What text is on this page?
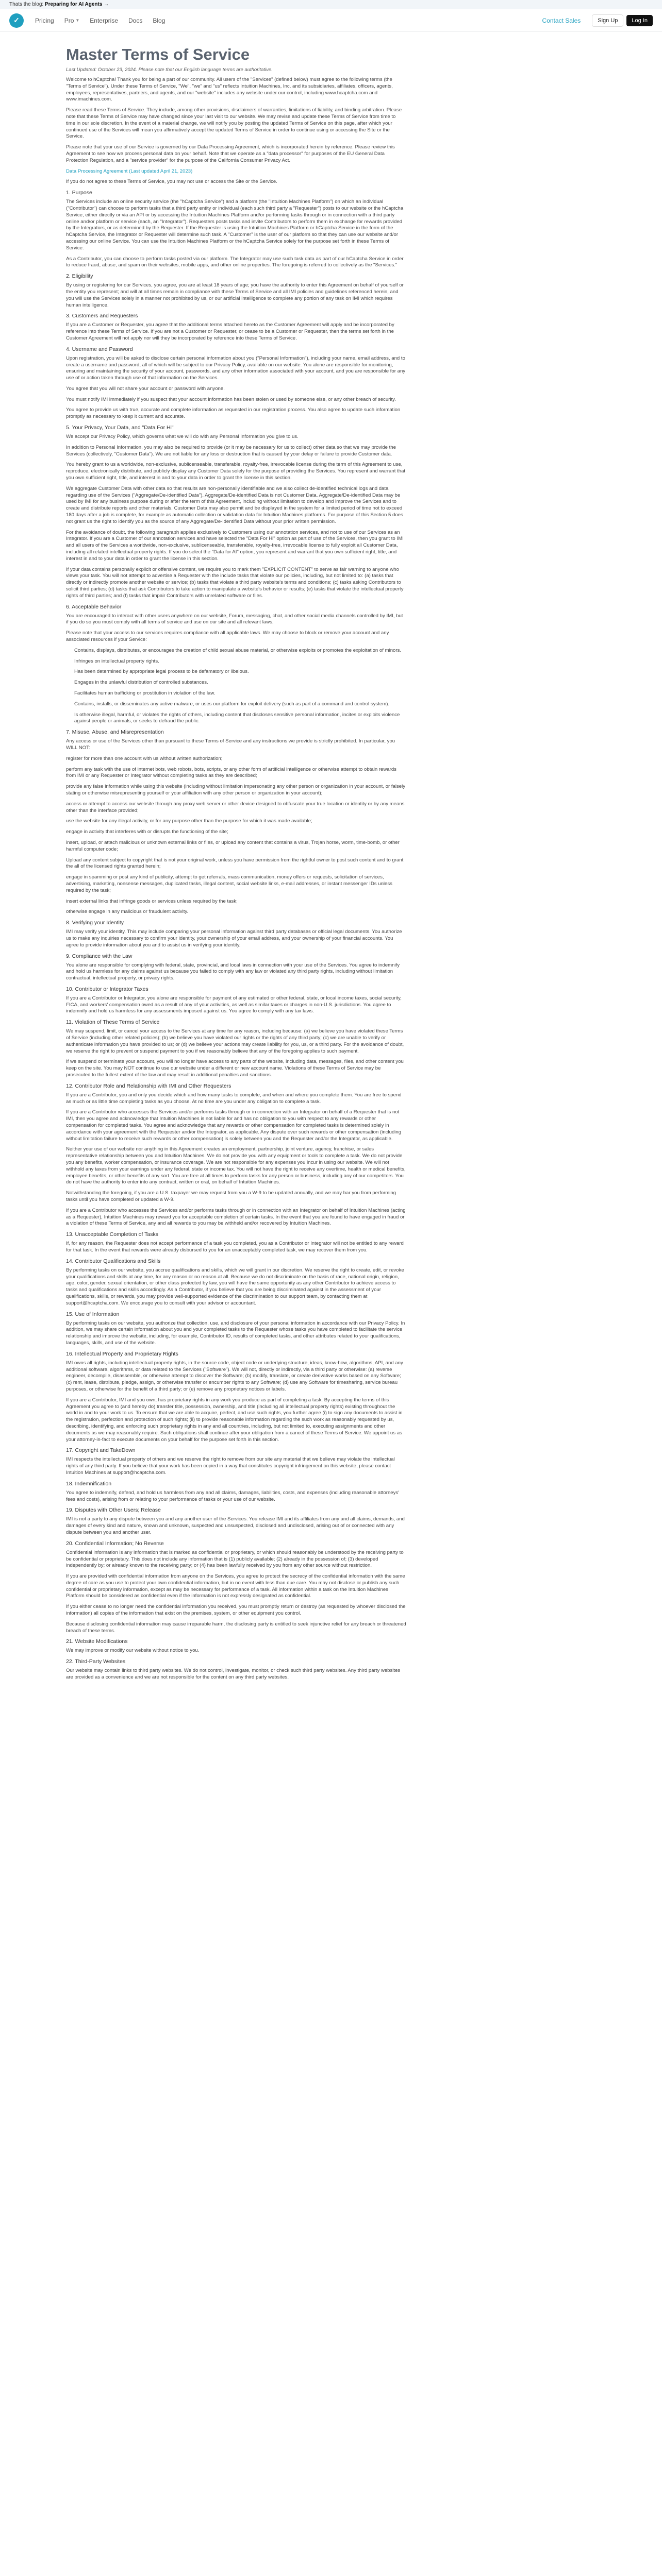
Thats the blog: Preparing for AI Agents →
✓	Pricing Pro ▼ Enterprise Docs Blog	Contact Sales	Sign Up	Log In
Master Terms of Service
Last Updated: October 23, 2024. Please note that our English language terms are authoritative.

Welcome to hCaptcha! Thank you for being a part of our community. All users of the "Services" (defined below) must agree to the following terms (the "Terms of Service"). Under these Terms of Service, "We", "we" and "us" reflects Intuition Machines, Inc. and its subsidiaries, affiliates, officers, agents, employees, representatives, partners, and agents, and our "website" includes any website under our control, including www.hcaptcha.com and www.imachines.com.

Please read these Terms of Service. They include, among other provisions, disclaimers of warranties, limitations of liability, and binding arbitration. Please note that these Terms of Service may have changed since your last visit to our website. We may revise and update these Terms of Service from time to time in our sole discretion. In the event of a material change, we will notify you by posting the updated Terms of Service on this page, after which your continued use of the Services will mean you affirmatively accept the updated Terms of Service in order to continue using or accessing the Site or the Service.

Please note that your use of our Service is governed by our Data Processing Agreement, which is incorporated herein by reference. Please review this Agreement to see how we process personal data on your behalf. Note that we operate as a "data processor" for purposes of the EU General Data Protection Regulation, and a "service provider" for the purpose of the California Consumer Privacy Act.

Data Processing Agreement (Last updated April 21, 2023)

If you do not agree to these Terms of Service, you may not use or access the Site or the Service.

1. Purpose

The Services include an online security service (the "hCaptcha Service") and a platform (the "Intuition Machines Platform") on which an individual ("Contributor") can choose to perform tasks that a third party entity or individual (each such third party a "Requester") posts to our website or the hCaptcha Service, either directly or via an API or by accessing the Intuition Machines Platform and/or performing tasks through or in connection with a third party online and/or platform or service (each, an "Integrator"). Requesters posts tasks and invite Contributors to perform them in exchange for rewards provided by the Integrators, or as determined by the Requester. If the Requester is using the Intuition Machines Platform or hCaptcha Service in the form of the hCaptcha Service, the Integrator or Requester will determine such task. A "Customer" is the user of our platform so that they can use our website and/or accessing our online Service. You can use the Intuition Machines Platform or the hCaptcha Service solely for the purpose set forth in these Terms of Service.

As a Contributor, you can choose to perform tasks posted via our platform. The Integrator may use such task data as part of our hCaptcha Service in order to reduce fraud, abuse, and spam on their websites, mobile apps, and other online properties. The foregoing is referred to collectively as the "Services."

2. Eligibility

By using or registering for our Services, you agree, you are at least 18 years of age; you have the authority to enter this Agreement on behalf of yourself or the entity you represent; and will at all times remain in compliance with these Terms of Service and all IMI policies and guidelines referenced herein, and you will use the Services solely in a manner not prohibited by us, or our artificial intelligence to complete any portion of any task on IMI which requires human intelligence.

3. Customers and Requesters

If you are a Customer or Requester, you agree that the additional terms attached hereto as the Customer Agreement will apply and be incorporated by reference into these Terms of Service. If you are not a Customer or Requester, or cease to be a Customer or Requester, then the terms set forth in the Customer Agreement will not apply nor will they be incorporated by reference into these Terms of Service.

4. Username and Password

Upon registration, you will be asked to disclose certain personal information about you ("Personal Information"), including your name, email address, and to create a username and password, all of which will be subject to our Privacy Policy, available on our website. You alone are responsible for monitoring, ensuring and maintaining the security of your account, passwords, and any other information associated with your account, and you are responsible for any use of or action taken through use of that information on the Services.

You agree that you will not share your account or password with anyone.

You must notify IMI immediately if you suspect that your account information has been stolen or used by someone else, or any other breach of security.

You agree to provide us with true, accurate and complete information as requested in our registration process. You also agree to update such information promptly as necessary to keep it current and accurate.

5. Your Privacy, Your Data, and "Data For Hi"

We accept our Privacy Policy, which governs what we will do with any Personal Information you give to us.

In addition to Personal Information, you may also be required to provide (or it may be necessary for us to collect) other data so that we may provide the Services (collectively, "Customer Data"). We are not liable for any loss or destruction that is caused by your delay or failure to provide Customer data.

You hereby grant to us a worldwide, non-exclusive, sublicenseable, transferable, royalty-free, irrevocable license during the term of this Agreement to use, reproduce, electronically distribute, and publicly display any Customer Data solely for the purpose of providing the Services. You represent and warrant that you own sufficient right, title, and interest in and to your data in order to grant the license in this section.

We aggregate Customer Data with other data so that results are non-personally identifiable and we also collect de-identified technical logs and data regarding use of the Services ("Aggregate/De-identified Data"). Aggregate/De-identified Data is not Customer Data. Aggregate/De-identified Data may be used by IMI for any business purpose during or after the term of this Agreement, including without limitation to develop and improve the Services and to create and distribute reports and other materials. Customer Data may also permit and be displayed in the system for a limited period of time not to exceed 180 days after a job is complete, for example as automatic collection or validation data for Intuition Machines platforms. For purpose of this Section 5 does not grant us the right to identify you as the source of any Aggregate/De-identified Data without your prior written permission.

For the avoidance of doubt, the following paragraph applies exclusively to Customers using our annotation services, and not to use of our Services as an Integrator. If you are a Customer of our annotation services and have selected the "Data For Hi" option as part of use of the Services, then you grant to IMI and all users of the Services a worldwide, non-exclusive, sublicenseable, transferable, royalty-free, irrevocable license to fully exploit all Customer Data, including all related intellectual property rights. If you do select the "Data for AI" option, you represent and warrant that you own sufficient right, title, and interest in and to your data in order to grant the license in this section.

If your data contains personally explicit or offensive content, we require you to mark them "EXPLICIT CONTENT" to serve as fair warning to anyone who views your task. You will not attempt to advertise a Requester with the include tasks that violate our policies, including, but not limited to: (a) tasks that directly or indirectly promote another website or service; (b) tasks that violate a third party website's terms and conditions; (c) tasks asking Contributors to solicit third parties; (d) tasks that ask Contributors to take action to manipulate a website's behavior or results; (e) tasks that violate the intellectual property rights of third parties; and (f) tasks that impair Contributors with unrelated software or files.

6. Acceptable Behavior

You are encouraged to interact with other users anywhere on our website, Forum, messaging, chat, and other social media channels controlled by IMI, but if you do so you must comply with all terms of service and use on our site and all relevant laws.

Please note that your access to our services requires compliance with all applicable laws. We may choose to block or remove your account and any associated resources if your Service:

Contains, displays, distributes, or encourages the creation of child sexual abuse material, or otherwise exploits or promotes the exploitation of minors.
Infringes on intellectual property rights.
Has been determined by appropriate legal process to be defamatory or libelous.
Engages in the unlawful distribution of controlled substances.
Facilitates human trafficking or prostitution in violation of the law.
Contains, installs, or disseminates any active malware, or uses our platform for exploit delivery (such as part of a command and control system).
Is otherwise illegal, harmful, or violates the rights of others, including content that discloses sensitive personal information, incites or exploits violence against people or animals, or seeks to defraud the public.
7. Misuse, Abuse, and Misrepresentation

Any access or use of the Services other than pursuant to these Terms of Service and any instructions we provide is strictly prohibited. In particular, you WILL NOT:

register for more than one account with us without written authorization;

perform any task with the use of internet bots, web robots, bots, scripts, or any other form of artificial intelligence or otherwise attempt to obtain rewards from IMI or any Requester or Integrator without completing tasks as they are described;

provide any false information while using this website (including without limitation impersonating any other person or organization in your account, or falsely stating or otherwise misrepresenting yourself or your affiliation with any other person or organization in your account);

access or attempt to access our website through any proxy web server or other device designed to obfuscate your true location or identity or by any means other than the interface provided;

use the website for any illegal activity, or for any purpose other than the purpose for which it was made available;

engage in activity that interferes with or disrupts the functioning of the site;

insert, upload, or attach malicious or unknown external links or files, or upload any content that contains a virus, Trojan horse, worm, time-bomb, or other harmful computer code;

Upload any content subject to copyright that is not your original work, unless you have permission from the rightful owner to post such content and to grant the all of the licensed rights granted herein;

engage in spamming or post any kind of publicity, attempt to get referrals, mass communication, money offers or requests, solicitation of services, advertising, marketing, nonsense messages, duplicated tasks, illegal content, social website links, e-mail addresses, or instant messenger IDs unless required by the task;

insert external links that infringe goods or services unless required by the task;

otherwise engage in any malicious or fraudulent activity.

8. Verifying your Identity

IMI may verify your identity. This may include comparing your personal information against third party databases or official legal documents. You authorize us to make any inquiries necessary to confirm your identity, your ownership of your email address, and your ownership of your financial accounts. You agree to provide information about you and to assist us in verifying your identity.

9. Compliance with the Law

You alone are responsible for complying with federal, state, provincial, and local laws in connection with your use of the Services. You agree to indemnify and hold us harmless for any claims against us because you failed to comply with any law or violated any third party rights, including without limitation contractual, intellectual property, or privacy rights.

10. Contributor or Integrator Taxes

If you are a Contributor or Integrator, you alone are responsible for payment of any estimated or other federal, state, or local income taxes, social security, FICA, and workers' compensation owed as a result of any of your activities, as well as similar taxes or charges in non-U.S. jurisdictions. You agree to indemnify and hold us harmless for any assessments imposed against us. You agree to comply with any tax laws.

11. Violation of These Terms of Service

We may suspend, limit, or cancel your access to the Services at any time for any reason, including because: (a) we believe you have violated these Terms of Service (including other related policies); (b) we believe you have violated our rights or the rights of any third party; (c) we are unable to verify or authenticate information you have provided to us; or (d) we believe your actions may create liability for you, us, or a third party. For the avoidance of doubt, we reserve the right to prevent or suspend payment to you if we reasonably believe that any of the foregoing applies to such payment.

If we suspend or terminate your account, you will no longer have access to any parts of the website, including data, messages, files, and other content you keep on the site. You may NOT continue to use our website under a different or new account name. Violations of these Terms of Service may be prosecuted to the fullest extent of the law and may result in additional penalties and sanctions.

12. Contributor Role and Relationship with IMI and Other Requesters

If you are a Contributor, you and only you decide which and how many tasks to complete, and when and where you complete them. You are free to spend as much or as little time completing tasks as you choose. At no time are you under any obligation to complete a task.

If you are a Contributor who accesses the Services and/or performs tasks through or in connection with an Integrator on behalf of a Requester that is not IMI, then you agree and acknowledge that Intuition Machines is not liable for and has no obligation to you with respect to any rewards or other compensation for completed tasks. You agree and acknowledge that any rewards or other compensation for completed tasks is determined solely in accordance with your agreement with the Requester and/or the Integrator, as applicable. Any dispute over such rewards or other compensation (including without limitation failure to receive such rewards or other compensation) is solely between you and the Requester and/or the Integrator, as applicable.

Neither your use of our website nor anything in this Agreement creates an employment, partnership, joint venture, agency, franchise, or sales representative relationship between you and Intuition Machines. We do not provide you with any equipment or tools to complete a task. We do not provide you any benefits, worker compensation, or insurance coverage. We are not responsible for any expenses you incur in using our website. We will not withhold any taxes from your earnings under any federal, state or income tax. You will not have the right to receive any overtime, health or medical benefits, employee benefits, or other benefits of any sort. You are free at all times to perform tasks for any person or business, including any of our competitors. You do not have the authority to enter into any contract, written or oral, on behalf of Intuition Machines.

Notwithstanding the foregoing, if you are a U.S. taxpayer we may request from you a W-9 to be updated annually, and we may bar you from performing tasks until you have completed or updated a W-9.

If you are a Contributor who accesses the Services and/or performs tasks through or in connection with an Integrator on behalf of Intuition Machines (acting as a Requester), Intuition Machines may reward you for acceptable completion of certain tasks. In the event that you are found to have engaged in fraud or a violation of these Terms of Service, any and all rewards to you may be withheld and/or recovered by Intuition Machines.

13. Unacceptable Completion of Tasks

If, for any reason, the Requester does not accept performance of a task you completed, you as a Contributor or Integrator will not be entitled to any reward for that task. In the event that rewards were already disbursed to you for an unacceptably completed task, we may recover them from you.

14. Contributor Qualifications and Skills

By performing tasks on our website, you accrue qualifications and skills, which we will grant in our discretion. We reserve the right to create, edit, or revoke your qualifications and skills at any time, for any reason or no reason at all. Because we do not discriminate on the basis of race, national origin, religion, age, color, gender, sexual orientation, or other class protected by law, you will have the same opportunity as any other Contributor to achieve access to tasks and qualifications and skills accordingly. As a Contributor, if you believe that you are being discriminated against in the assessment of your qualifications, skills, or rewards, you may provide well-supported evidence of the discrimination to our support team, by contacting them at support@hcaptcha.com. We encourage you to consult with your advisor or accountant.

15. Use of Information

By performing tasks on our website, you authorize that collection, use, and disclosure of your personal information in accordance with our Privacy Policy. In addition, we may share certain information about you and your completed tasks to the Requester whose tasks you have completed to facilitate the service relationship and improve the website, including, for example, Contributor ID, results of completed tasks, and other attributes related to your qualifications, languages, skills, and use of the website.

16. Intellectual Property and Proprietary Rights

IMI owns all rights, including intellectual property rights, in the source code, object code or underlying structure, ideas, know-how, algorithms, API, and any additional software, algorithms, or data related to the Services ("Software"). We will not, directly or indirectly, via a third party or otherwise: (a) reverse engineer, decompile, disassemble, or otherwise attempt to discover the Software; (b) modify, translate, or create derivative works based on any Software; (c) rent, lease, distribute, pledge, assign, or otherwise transfer or encumber rights to any Software; (d) use any Software for timesharing, service bureau purposes, or otherwise for the benefit of a third party; or (e) remove any proprietary notices or labels.

If you are a Contributor, IMI and you own, has proprietary rights in any work you produce as part of completing a task. By accepting the terms of this Agreement you agree to (and hereby do) transfer title, possession, ownership, and title (including all intellectual property rights) existing throughout the world in and to your work to us. To ensure that we are able to acquire, perfect, and use such rights, you further agree (i) to sign any documents to assist in the registration, perfection and protection of such rights; (ii) to provide reasonable information regarding the such work as reasonably requested by us, describing, identifying, and enforcing such proprietary rights in any and all countries, including, but not limited to, executing assignments and other documents as we may reasonably require. Such obligations shall continue after your obligation from a cancel of these Terms of Service. We appoint us as your attorney-in-fact to execute documents on your behalf for the purpose set forth in this section.

17. Copyright and TakeDown

IMI respects the intellectual property of others and we reserve the right to remove from our site any material that we believe may violate the intellectual rights of any third party. If you believe that your work has been copied in a way that constitutes copyright infringement on this website, please contact Intuition Machines at support@hcaptcha.com.

18. Indemnification

You agree to indemnify, defend, and hold us harmless from any and all claims, damages, liabilities, costs, and expenses (including reasonable attorneys' fees and costs), arising from or relating to your performance of tasks or your use of our website.

19. Disputes with Other Users; Release

IMI is not a party to any dispute between you and any another user of the Services. You release IMI and its affiliates from any and all claims, demands, and damages of every kind and nature, known and unknown, suspected and unsuspected, disclosed and undisclosed, arising out of or connected with any dispute between you and another user.

20. Confidential Information; No Reverse

Confidential information is any information that is marked as confidential or proprietary, or which should reasonably be understood by the receiving party to be confidential or proprietary. This does not include any information that is (1) publicly available; (2) already in the possession of; (3) developed independently by; or already known to the receiving party; or (4) has been lawfully received by you from any other source without restriction.

If you are provided with confidential information from anyone on the Services, you agree to protect the secrecy of the confidential information with the same degree of care as you use to protect your own confidential information, but in no event with less than due care. You may not disclose or publish any such confidential or proprietary information, except as may be necessary for performance of a task. All information within a task on the Intuition Machines Platform should be considered as confidential even if the information is not expressly designated as confidential.

If you either cease to no longer need the confidential information you received, you must promptly return or destroy (as requested by whoever disclosed the information) all copies of the information that exist on the premises, system, or other equipment you control.

Because disclosing confidential information may cause irreparable harm, the disclosing party is entitled to seek injunctive relief for any breach or threatened breach of these terms.

21. Website Modifications

We may improve or modify our website without notice to you.

22. Third-Party Websites

Our website may contain links to third party websites. We do not control, investigate, monitor, or check such third party websites. Any third party websites are provided as a convenience and we are not responsible for the content on any third party websites.
